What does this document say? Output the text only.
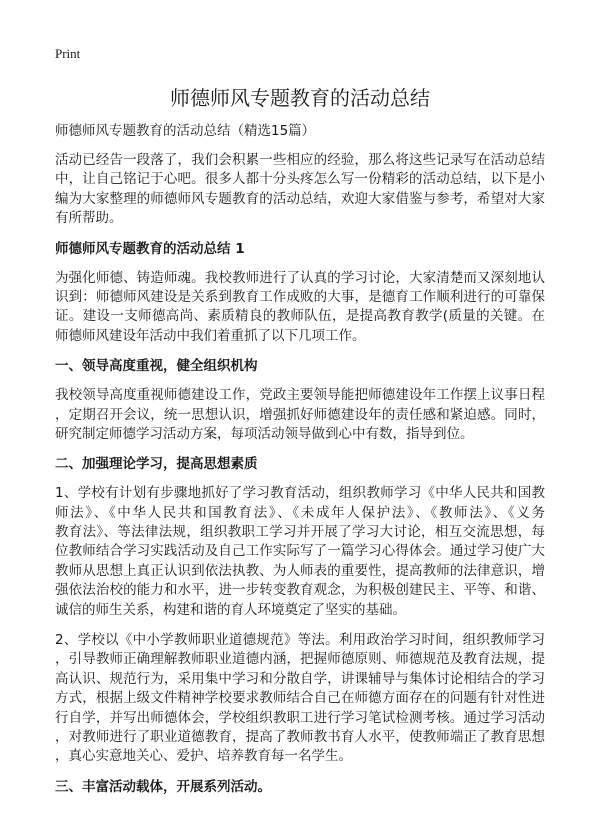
Print
师德师风专题教育的活动总结
师德师风专题教育的活动总结（精选15篇）
活动已经告一段落了，我们会积累一些相应的经验，那么将这些记录写在活动总结
中，让自己铭记于心吧。很多人都十分头疼怎么写一份精彩的活动总结，以下是小
编为大家整理的师德师风专题教育的活动总结，欢迎大家借鉴与参考，希望对大家
有所帮助。
师德师风专题教育的活动总结 1
为强化师德、铸造师魂。我校教师进行了认真的学习讨论，大家清楚而又深刻地认
识到：师德师风建设是关系到教育工作成败的大事，是德育工作顺利进行的可靠保
证。建设一支师德高尚、素质精良的教师队伍，是提高教育教学(质量的关键。在
师德师风建设年活动中我们着重抓了以下几项工作。
一、领导高度重视，健全组织机构
我校领导高度重视师德建设工作，党政主要领导能把师德建设年工作摆上议事日程
，定期召开会议，统一思想认识，增强抓好师德建设年的责任感和紧迫感。同时，
研究制定师德学习活动方案，每项活动领导做到心中有数，指导到位。
二、加强理论学习，提高思想素质
1、学校有计划有步骤地抓好了学习教育活动，组织教师学习《中华人民共和国教
师法》、《中华人民共和国教育法》、《未成年人保护法》、《教师法》、《义务
教育法》、等法律法规，组织教职工学习并开展了学习大讨论，相互交流思想，每
位教师结合学习实践活动及自己工作实际写了一篇学习心得体会。通过学习使广大
教师从思想上真正认识到依法执教、为人师表的重要性，提高教师的法律意识，增
强依法治校的能力和水平，进一步转变教育观念，为积极创建民主、平等、和谐、
诚信的师生关系，构建和谐的育人环境奠定了坚实的基础。
2、学校以《中小学教师职业道德规范》等法。利用政治学习时间，组织教师学习
，引导教师正确理解教师职业道德内涵，把握师德原则、师德规范及教育法规，提
高认识、规范行为，采用集中学习和分散自学，讲课辅导与集体讨论相结合的学习
方式，根据上级文件精神学校要求教师结合自己在师德方面存在的问题有针对性进
行自学，并写出师德体会，学校组织教职工进行学习笔试检测考核。通过学习活动
，对教师进行了职业道德教育，提高了教师教书育人水平，使教师端正了教育思想
，真心实意地关心、爱护、培养教育每一名学生。
三、丰富活动载体，开展系列活动。
